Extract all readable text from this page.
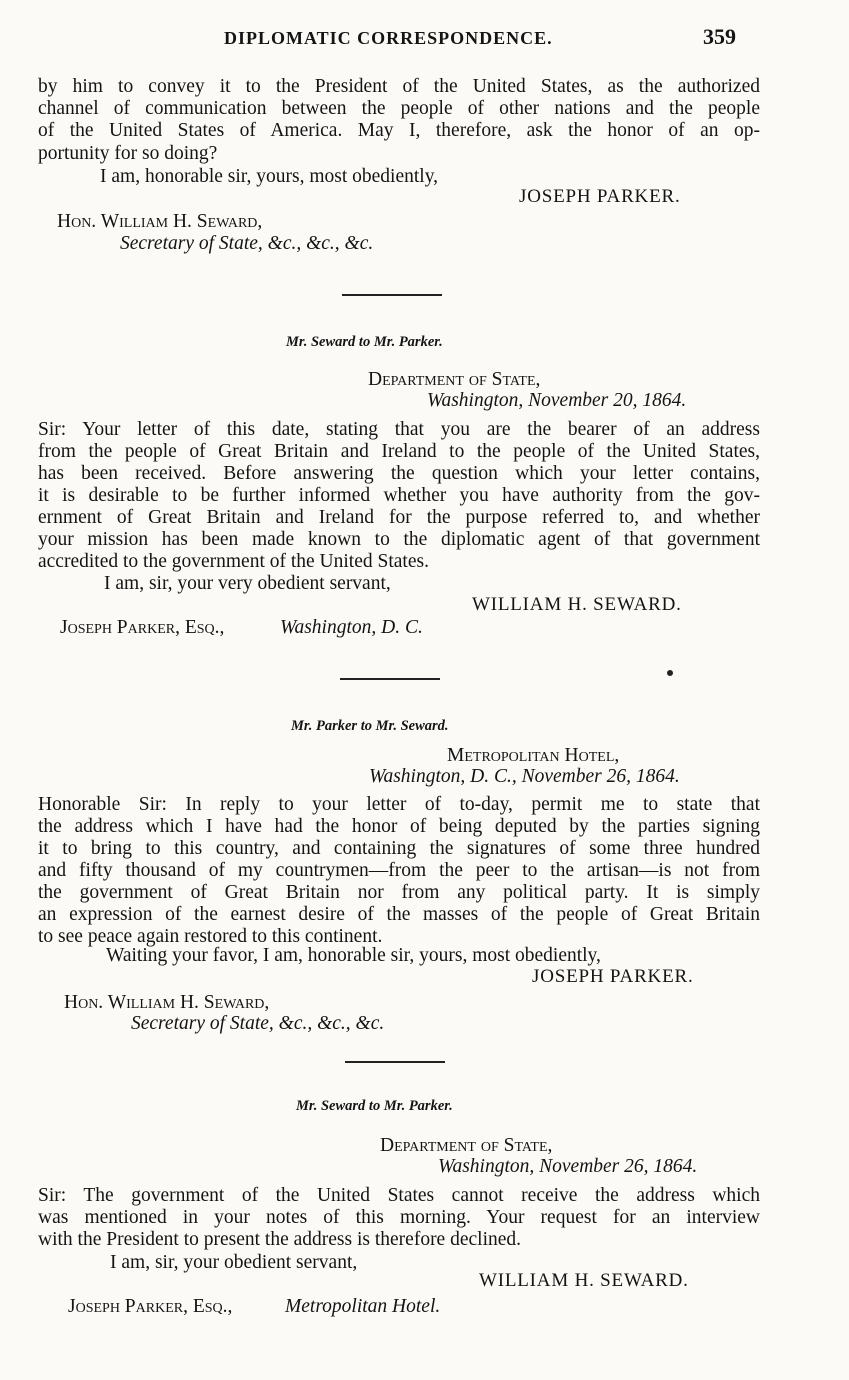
DIPLOMATIC CORRESPONDENCE.	359
by him to convey it to the President of the United States, as the authorized
channel of communication between the people of other nations and the people
of the United States of America. May I, therefore, ask the honor of an op-
portunity for so doing?
I am, honorable sir, yours, most obediently,
JOSEPH PARKER.
Hon. William H. Seward,
Secretary of State, &c., &c., &c.
Mr. Seward to Mr. Parker.
Department of State,
Washington, November 20, 1864.
Sir: Your letter of this date, stating that you are the bearer of an address
from the people of Great Britain and Ireland to the people of the United States,
has been received. Before answering the question which your letter contains,
it is desirable to be further informed whether you have authority from the gov-
ernment of Great Britain and Ireland for the purpose referred to, and whether
your mission has been made known to the diplomatic agent of that government
accredited to the government of the United States.
I am, sir, your very obedient servant,
WILLIAM H. SEWARD.
Joseph Parker, Esq.,	Washington, D. C.
Mr. Parker to Mr. Seward.
Metropolitan Hotel,
Washington, D. C., November 26, 1864.
Honorable Sir: In reply to your letter of to-day, permit me to state that
the address which I have had the honor of being deputed by the parties signing
it to bring to this country, and containing the signatures of some three hundred
and fifty thousand of my countrymen—from the peer to the artisan—is not from
the government of Great Britain nor from any political party. It is simply
an expression of the earnest desire of the masses of the people of Great Britain
to see peace again restored to this continent.
Waiting your favor, I am, honorable sir, yours, most obediently,
JOSEPH PARKER.
Hon. William H. Seward,
Secretary of State, &c., &c., &c.
Mr. Seward to Mr. Parker.
Department of State,
Washington, November 26, 1864.
Sir: The government of the United States cannot receive the address which
was mentioned in your notes of this morning. Your request for an interview
with the President to present the address is therefore declined.
I am, sir, your obedient servant,
WILLIAM H. SEWARD.
Joseph Parker, Esq.,	Metropolitan Hotel.
